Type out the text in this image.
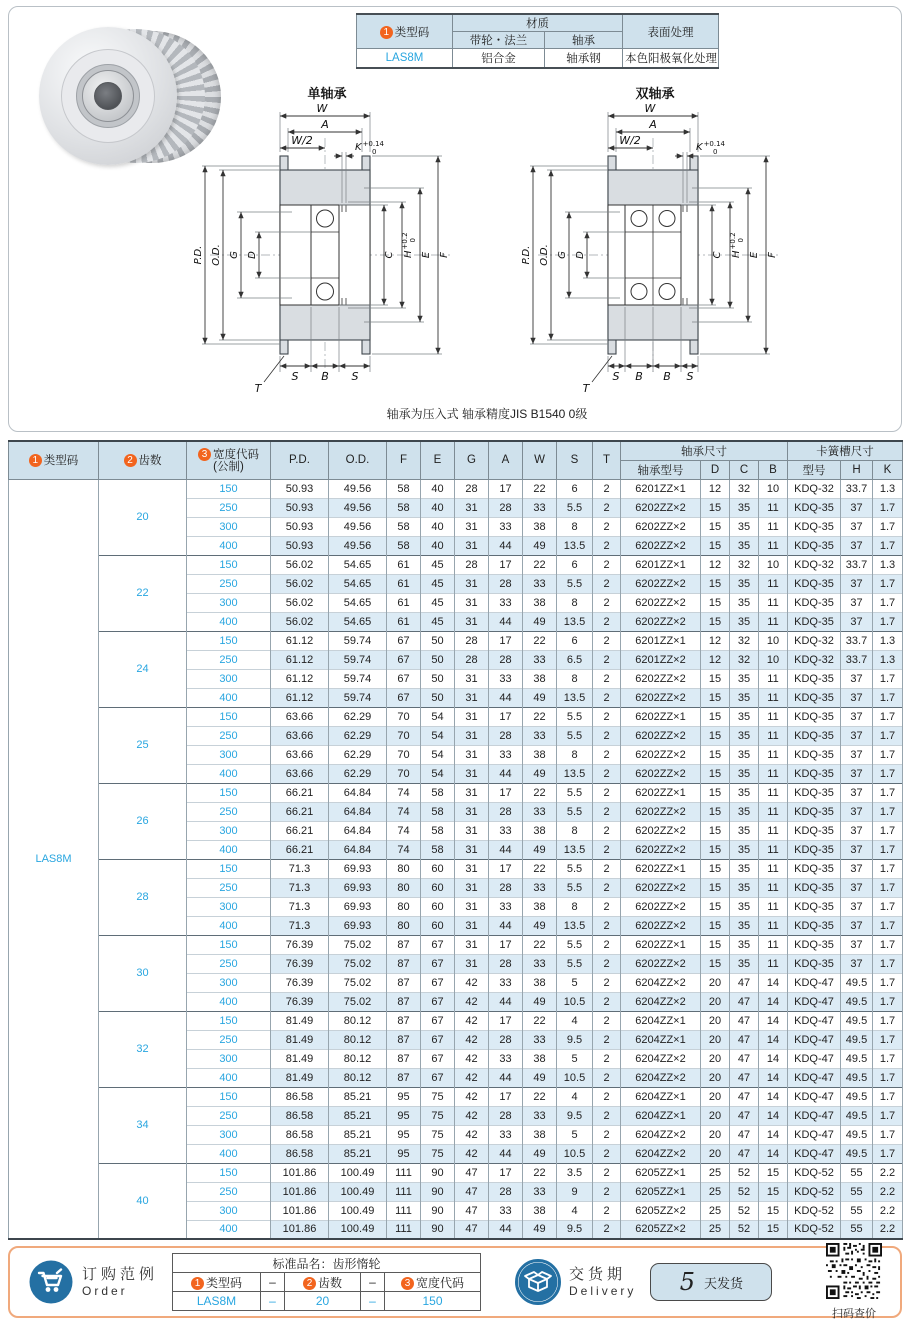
1 类型码	材质		表面处理
	带轮・法兰	轴承	
LAS8M	铝合金	轴承钢	本色阳极氧化处理
单轴承
W
A
W/2
$K^{+0.14}$ 0
P.D. O.D. G D	C $H^{+0.2}0$
E F
S B S
T
双轴承
W
A
W/2
$K^{+0.14}$ 0
P.D. O.D. G D	C $H^{+0.2}0$
E F
S B B S
T
轴承为压入式 轴承精度JIS B1540 0级
1 类型码	2 齿数	3 宽度代码
(公制)	P.D.	O.D.	F	E	G	A	W	S	T	轴承尺寸				卡簧槽尺寸		
												轴承型号	D	C	B	型号	H	K
LAS8M	20	150	50.93	49.56	58	40	28	17	22	6	2	6201ZZ×1	12	32	10	KDQ-32	33.7	1.3
		250	50.93	49.56	58	40	31	28	33	5.5	2	6202ZZ×2	15	35	11	KDQ-35	37	1.7
		300	50.93	49.56	58	40	31	33	38	8	2	6202ZZ×2	15	35	11	KDQ-35	37	1.7
		400	50.93	49.56	58	40	31	44	49	13.5	2	6202ZZ×2	15	35	11	KDQ-35	37	1.7
	22	150	56.02	54.65	61	45	28	17	22	6	2	6201ZZ×1	12	32	10	KDQ-32	33.7	1.3
		250	56.02	54.65	61	45	31	28	33	5.5	2	6202ZZ×2	15	35	11	KDQ-35	37	1.7
		300	56.02	54.65	61	45	31	33	38	8	2	6202ZZ×2	15	35	11	KDQ-35	37	1.7
		400	56.02	54.65	61	45	31	44	49	13.5	2	6202ZZ×2	15	35	11	KDQ-35	37	1.7
	24	150	61.12	59.74	67	50	28	17	22	6	2	6201ZZ×1	12	32	10	KDQ-32	33.7	1.3
		250	61.12	59.74	67	50	28	28	33	6.5	2	6201ZZ×2	12	32	10	KDQ-32	33.7	1.3
		300	61.12	59.74	67	50	31	33	38	8	2	6202ZZ×2	15	35	11	KDQ-35	37	1.7
		400	61.12	59.74	67	50	31	44	49	13.5	2	6202ZZ×2	15	35	11	KDQ-35	37	1.7
	25	150	63.66	62.29	70	54	31	17	22	5.5	2	6202ZZ×1	15	35	11	KDQ-35	37	1.7
		250	63.66	62.29	70	54	31	28	33	5.5	2	6202ZZ×2	15	35	11	KDQ-35	37	1.7
		300	63.66	62.29	70	54	31	33	38	8	2	6202ZZ×2	15	35	11	KDQ-35	37	1.7
		400	63.66	62.29	70	54	31	44	49	13.5	2	6202ZZ×2	15	35	11	KDQ-35	37	1.7
	26	150	66.21	64.84	74	58	31	17	22	5.5	2	6202ZZ×1	15	35	11	KDQ-35	37	1.7
		250	66.21	64.84	74	58	31	28	33	5.5	2	6202ZZ×2	15	35	11	KDQ-35	37	1.7
		300	66.21	64.84	74	58	31	33	38	8	2	6202ZZ×2	15	35	11	KDQ-35	37	1.7
		400	66.21	64.84	74	58	31	44	49	13.5	2	6202ZZ×2	15	35	11	KDQ-35	37	1.7
	28	150	71.3	69.93	80	60	31	17	22	5.5	2	6202ZZ×1	15	35	11	KDQ-35	37	1.7
		250	71.3	69.93	80	60	31	28	33	5.5	2	6202ZZ×2	15	35	11	KDQ-35	37	1.7
		300	71.3	69.93	80	60	31	33	38	8	2	6202ZZ×2	15	35	11	KDQ-35	37	1.7
		400	71.3	69.93	80	60	31	44	49	13.5	2	6202ZZ×2	15	35	11	KDQ-35	37	1.7
	30	150	76.39	75.02	87	67	31	17	22	5.5	2	6202ZZ×1	15	35	11	KDQ-35	37	1.7
		250	76.39	75.02	87	67	31	28	33	5.5	2	6202ZZ×2	15	35	11	KDQ-35	37	1.7
		300	76.39	75.02	87	67	42	33	38	5	2	6204ZZ×2	20	47	14	KDQ-47	49.5	1.7
		400	76.39	75.02	87	67	42	44	49	10.5	2	6204ZZ×2	20	47	14	KDQ-47	49.5	1.7
	32	150	81.49	80.12	87	67	42	17	22	4	2	6204ZZ×1	20	47	14	KDQ-47	49.5	1.7
		250	81.49	80.12	87	67	42	28	33	9.5	2	6204ZZ×1	20	47	14	KDQ-47	49.5	1.7
		300	81.49	80.12	87	67	42	33	38	5	2	6204ZZ×2	20	47	14	KDQ-47	49.5	1.7
		400	81.49	80.12	87	67	42	44	49	10.5	2	6204ZZ×2	20	47	14	KDQ-47	49.5	1.7
	34	150	86.58	85.21	95	75	42	17	22	4	2	6204ZZ×1	20	47	14	KDQ-47	49.5	1.7
		250	86.58	85.21	95	75	42	28	33	9.5	2	6204ZZ×1	20	47	14	KDQ-47	49.5	1.7
		300	86.58	85.21	95	75	42	33	38	5	2	6204ZZ×2	20	47	14	KDQ-47	49.5	1.7
		400	86.58	85.21	95	75	42	44	49	10.5	2	6204ZZ×2	20	47	14	KDQ-47	49.5	1.7
	40	150	101.86	100.49	111	90	47	17	22	3.5	2	6205ZZ×1	25	52	15	KDQ-52	55	2.2
		250	101.86	100.49	111	90	47	28	33	9	2	6205ZZ×1	25	52	15	KDQ-52	55	2.2
		300	101.86	100.49	111	90	47	33	38	4	2	6205ZZ×2	25	52	15	KDQ-52	55	2.2
		400	101.86	100.49	111	90	47	44	49	9.5	2	6205ZZ×2	25	52	15	KDQ-52	55	2.2
订购范例
Order
标准品名：齿形惰轮				
1 类型码	–	2 齿数	–	3 宽度代码
LAS8M	–	20	–	150
交货期
Delivery 5 天发货
扫码查价
